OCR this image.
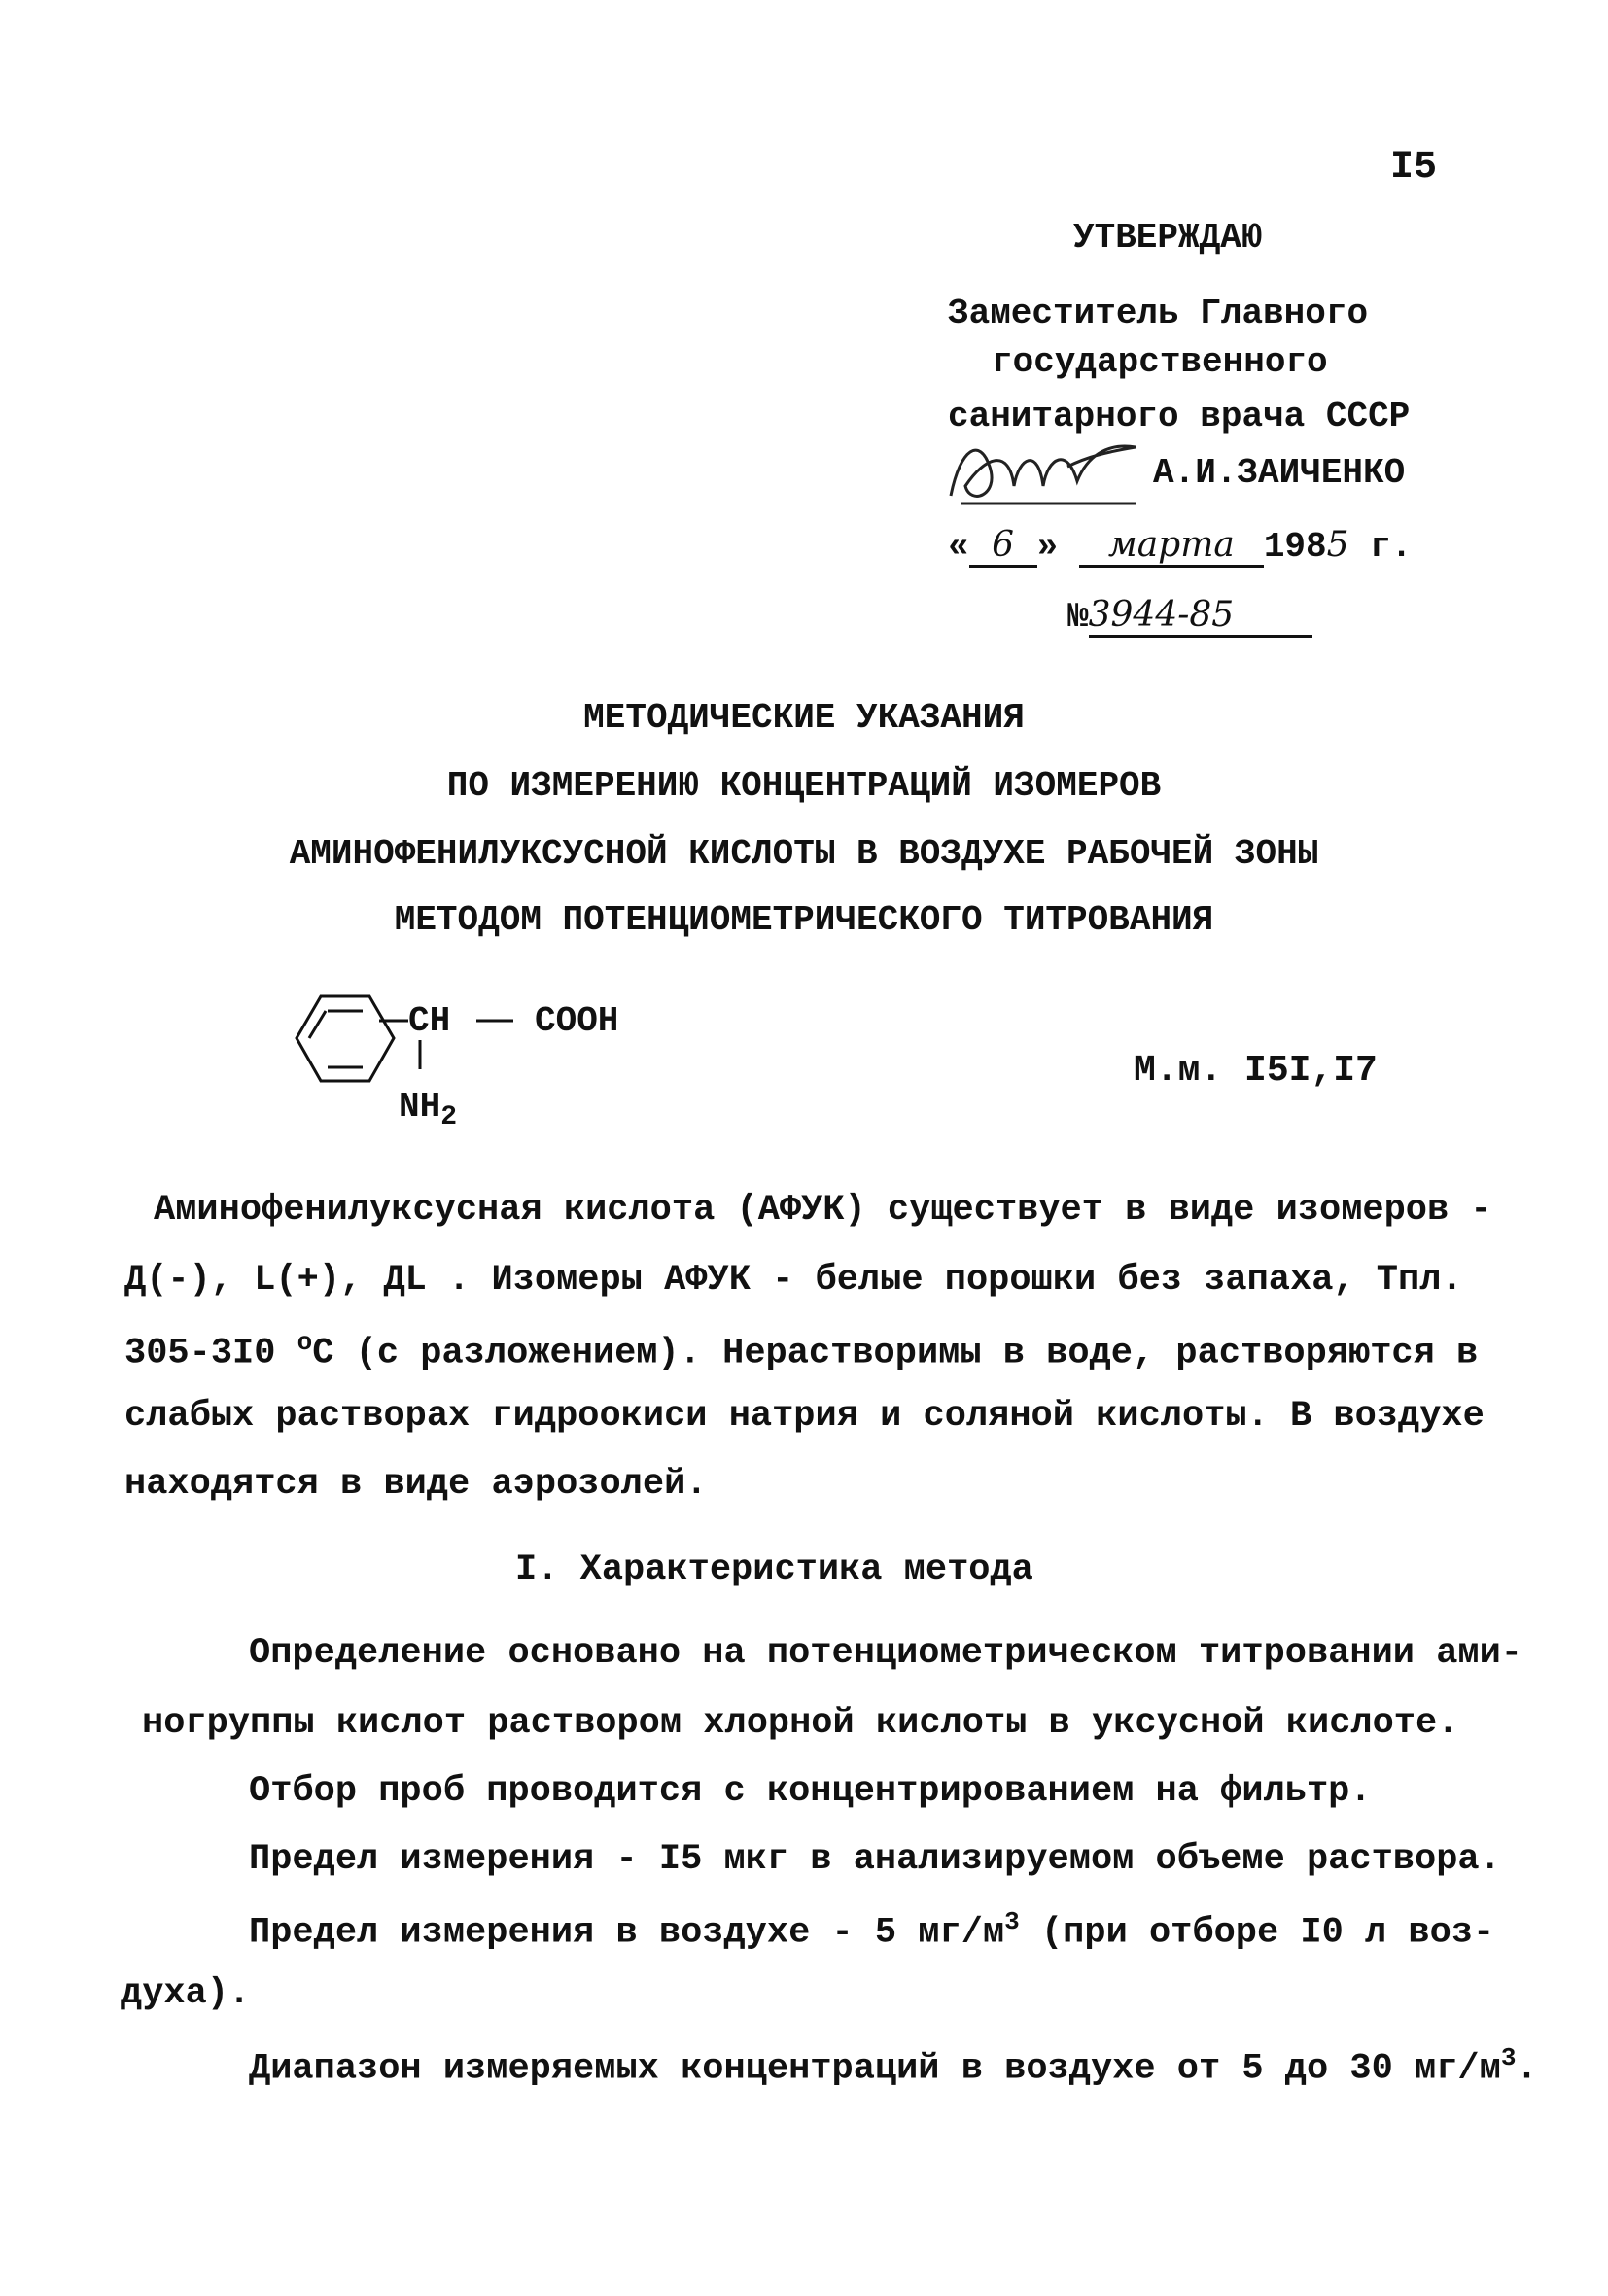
I5
УТВЕРЖДАЮ
Заместитель Главного
государственного
санитарного врача СССР
А.И.ЗАИЧЕНКО
« 6 » марта 1985 г.
№3944-85
МЕТОДИЧЕСКИЕ УКАЗАНИЯ
ПО ИЗМЕРЕНИЮ КОНЦЕНТРАЦИЙ ИЗОМЕРОВ
АМИНОФЕНИЛУКСУСНОЙ КИСЛОТЫ В ВОЗДУХЕ РАБОЧЕЙ ЗОНЫ
МЕТОДОМ ПОТЕНЦИОМЕТРИЧЕСКОГО ТИТРОВАНИЯ
CH COOH
$NH_2$
М.м. I5I,I7
Аминофенилуксусная кислота (АФУК) существует в виде изомеров -
Д(-), L(+), ДL . Изомеры АФУК - белые порошки без запаха, Тпл.
305-3I0 $^о$С (с разложением). Нерастворимы в воде, растворяются в
слабых растворах гидроокиси натрия и соляной кислоты. В воздухе
находятся в виде аэрозолей.
I. Характеристика метода
Определение основано на потенциометрическом титровании ами-
ногруппы кислот раствором хлорной кислоты в уксусной кислоте.
Отбор проб проводится с концентрированием на фильтр.
Предел измерения - I5 мкг в анализируемом объеме раствора.
Предел измерения в воздухе - 5 $мг/м^3$ (при отборе I0 л воз-
духа).
Диапазон измеряемых концентраций в воздухе от 5 до 30 $мг/м^3$.
